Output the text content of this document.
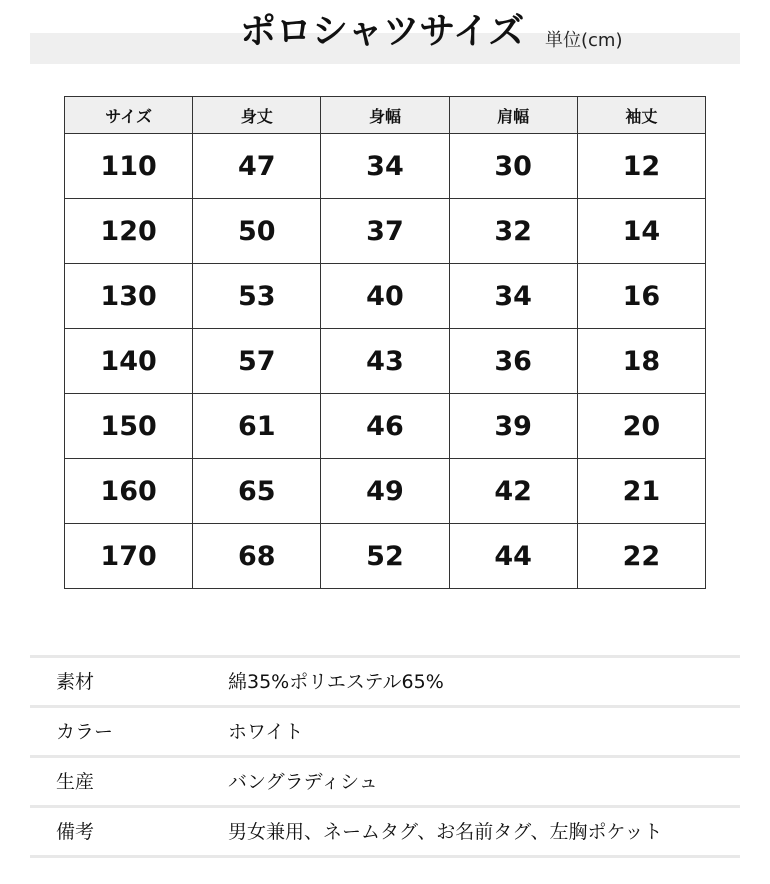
ポロシャツサイズ 単位(cm)
サイズ	身丈	身幅	肩幅	袖丈
110	47	34	30	12
120	50	37	32	14
130	53	40	34	16
140	57	43	36	18
150	61	46	39	20
160	65	49	42	21
170	68	52	44	22
素材	綿35%ポリエステル65%
カラー	ホワイト
生産	バングラディシュ
備考	男女兼用、ネームタグ、お名前タグ、左胸ポケット
